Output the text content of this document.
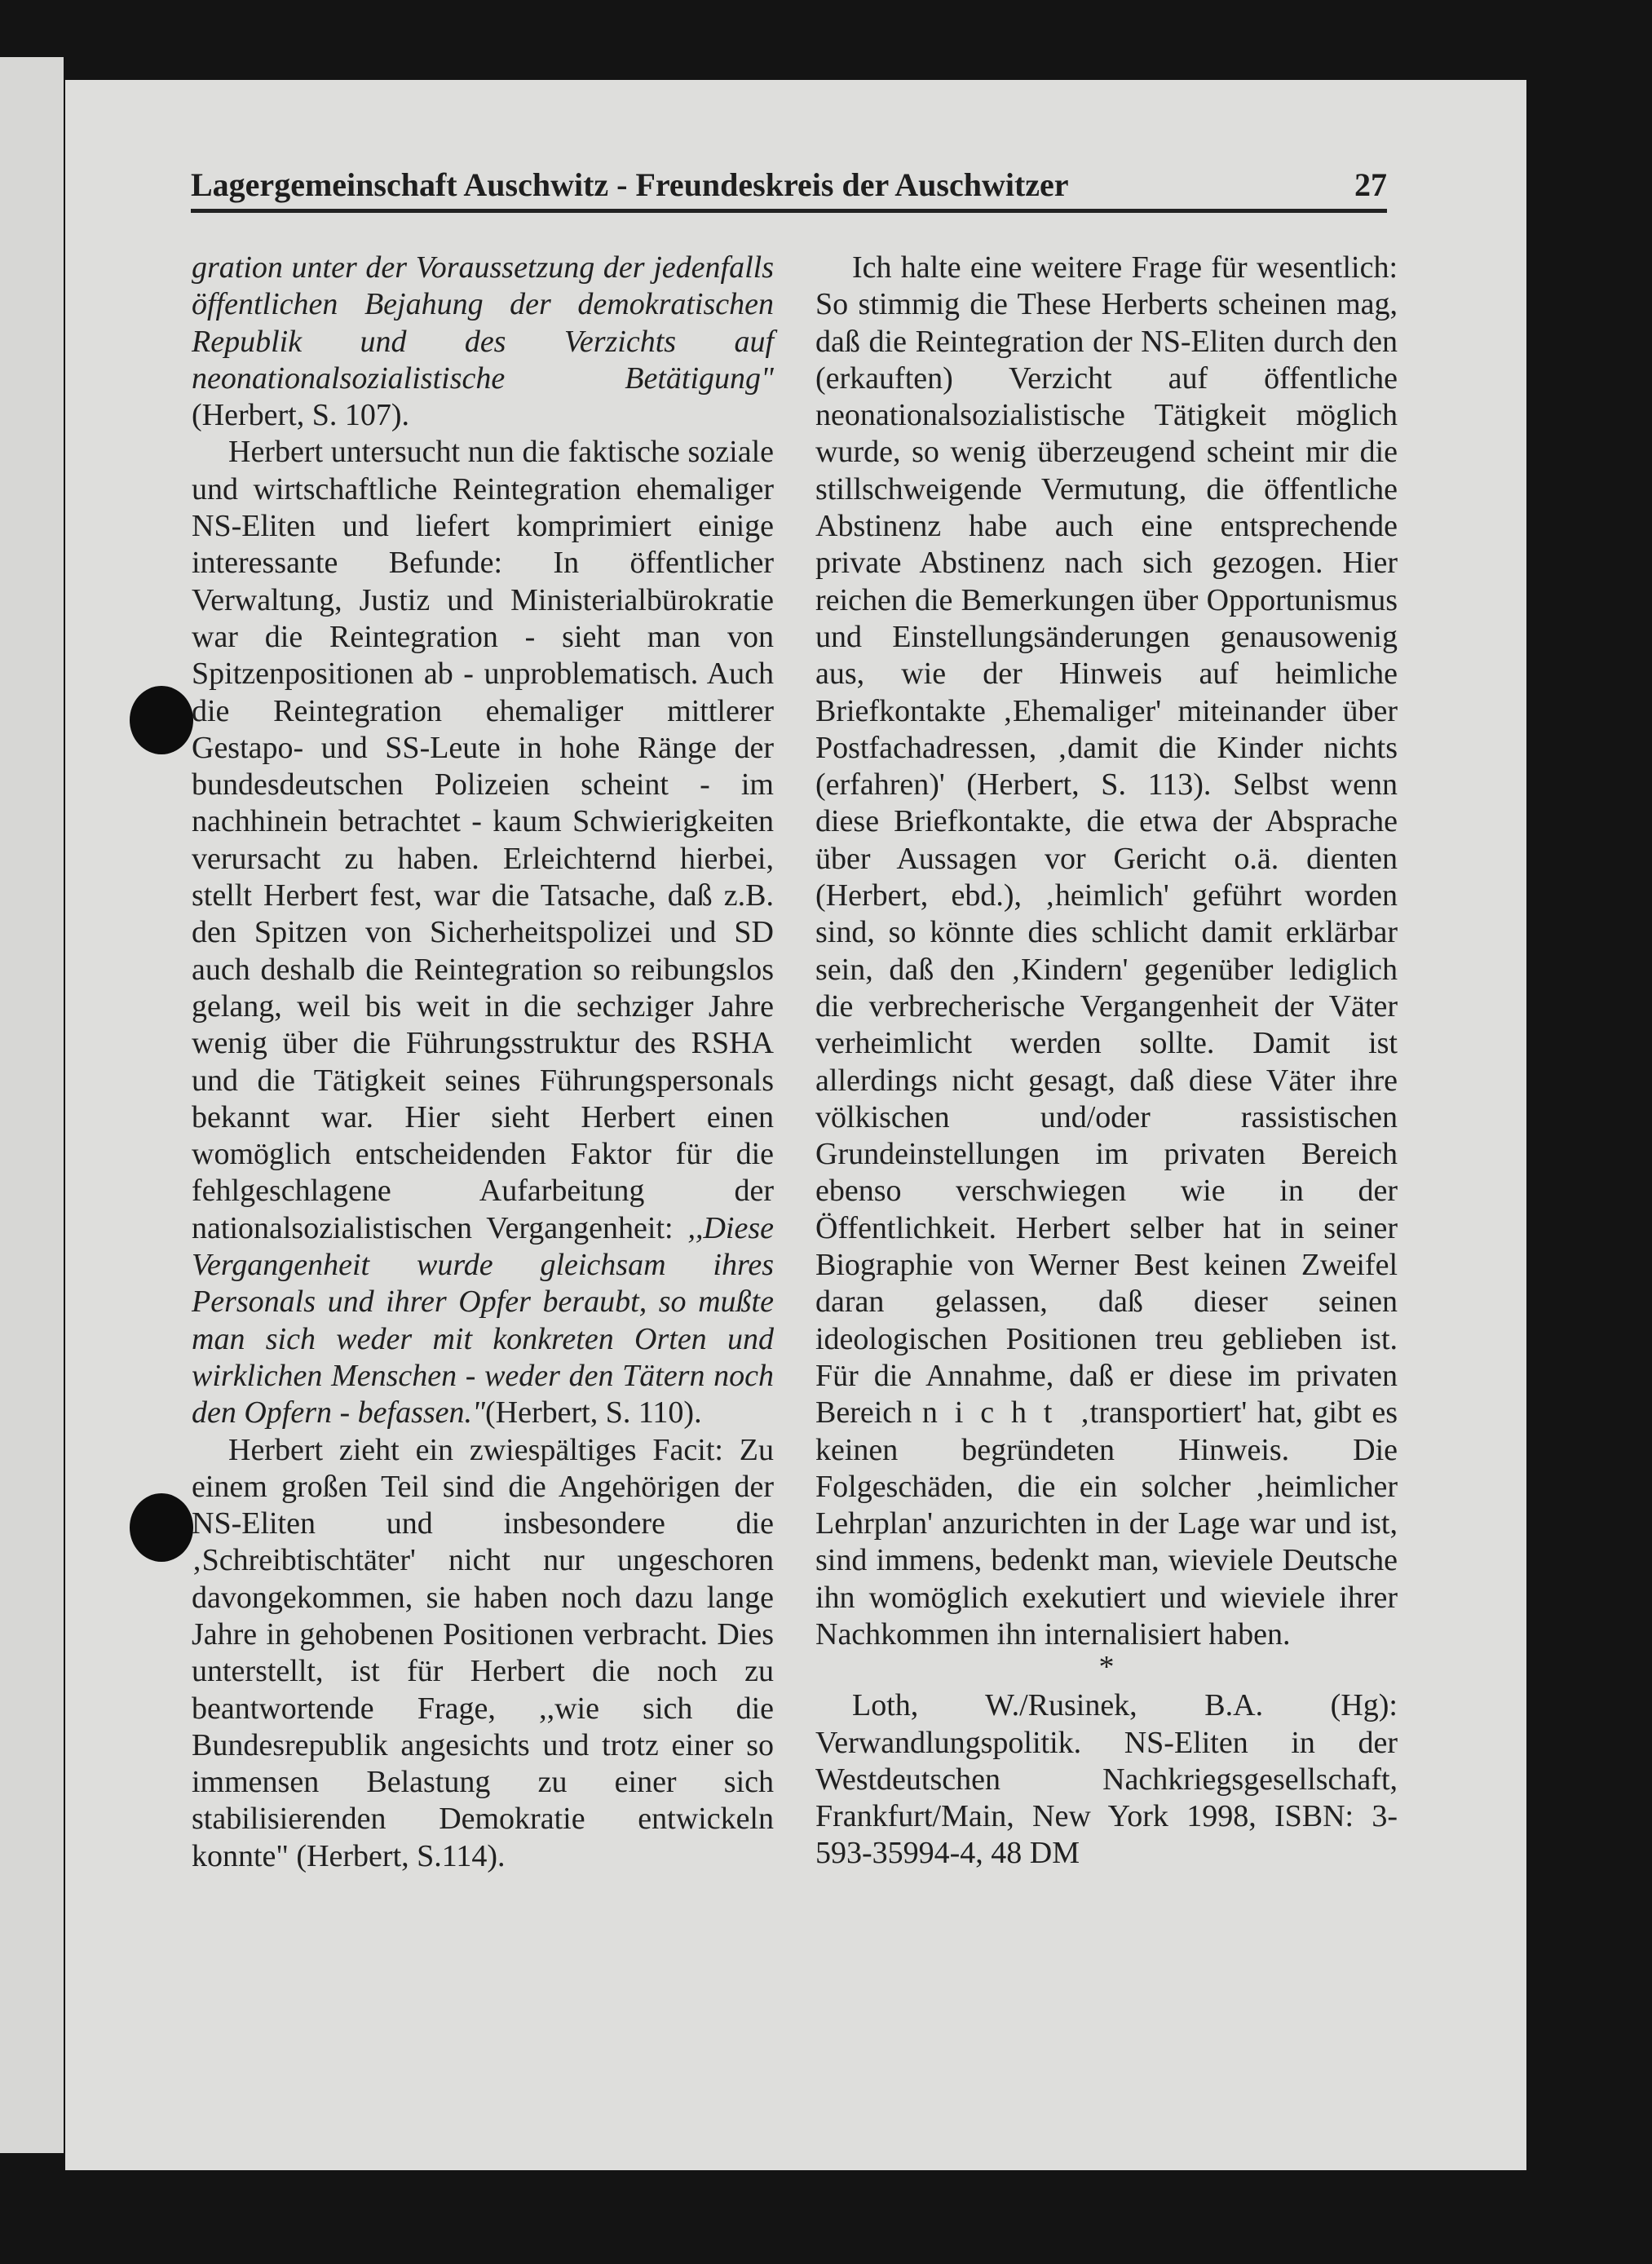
Lagergemeinschaft Auschwitz - Freundeskreis der Auschwitzer	27

gration unter der Voraussetzung der jedenfalls öffentlichen Bejahung der demokratischen Republik und des Verzichts auf neonationalsozialistische Betätigung" (Herbert, S. 107).

Herbert untersucht nun die faktische soziale und wirtschaftliche Reintegration ehemaliger NS-Eliten und liefert komprimiert einige interessante Befunde: In öffentlicher Verwaltung, Justiz und Ministerialbürokratie war die Reintegration - sieht man von Spitzenpositionen ab - unproblematisch. Auch die Reintegration ehemaliger mittlerer Gestapo- und SS-Leute in hohe Ränge der bundesdeutschen Polizeien scheint - im nachhinein betrachtet - kaum Schwierigkeiten verursacht zu haben. Erleichternd hierbei, stellt Herbert fest, war die Tatsache, daß z.B. den Spitzen von Sicherheitspolizei und SD auch deshalb die Reintegration so reibungslos gelang, weil bis weit in die sechziger Jahre wenig über die Führungsstruktur des RSHA und die Tätigkeit seines Führungspersonals bekannt war. Hier sieht Herbert einen womöglich entscheidenden Faktor für die fehlgeschlagene Aufarbeitung der nationalsozialistischen Vergangenheit: ,,Diese Vergangenheit wurde gleichsam ihres Personals und ihrer Opfer beraubt, so mußte man sich weder mit konkreten Orten und wirklichen Menschen - weder den Tätern noch den Opfern - befassen."(Herbert, S. 110).

Herbert zieht ein zwiespältiges Facit: Zu einem großen Teil sind die Angehörigen der NS-Eliten und insbesondere die ‚Schreibtischtäter' nicht nur ungeschoren davongekommen, sie haben noch dazu lange Jahre in gehobenen Positionen verbracht. Dies unterstellt, ist für Herbert die noch zu beantwortende Frage, ,,wie sich die Bundesrepublik angesichts und trotz einer so immensen Belastung zu einer sich stabilisierenden Demokratie entwickeln konnte" (Herbert, S.114).

Ich halte eine weitere Frage für wesentlich: So stimmig die These Herberts scheinen mag, daß die Reintegration der NS-Eliten durch den (erkauften) Verzicht auf öffentliche neonationalsozialistische Tätigkeit möglich wurde, so wenig überzeugend scheint mir die stillschweigende Vermutung, die öffentliche Abstinenz habe auch eine entsprechende private Abstinenz nach sich gezogen. Hier reichen die Bemerkungen über Opportunismus und Einstellungsänderungen genausowenig aus, wie der Hinweis auf heimliche Briefkontakte ‚Ehemaliger' miteinander über Postfachadressen, ‚damit die Kinder nichts (erfahren)' (Herbert, S. 113). Selbst wenn diese Briefkontakte, die etwa der Absprache über Aussagen vor Gericht o.ä. dienten (Herbert, ebd.), ‚heimlich' geführt worden sind, so könnte dies schlicht damit erklärbar sein, daß den ‚Kindern' gegenüber lediglich die verbrecherische Vergangenheit der Väter verheimlicht werden sollte. Damit ist allerdings nicht gesagt, daß diese Väter ihre völkischen und/oder rassistischen Grundeinstellungen im privaten Bereich ebenso verschwiegen wie in der Öffentlichkeit. Herbert selber hat in seiner Biographie von Werner Best keinen Zweifel daran gelassen, daß dieser seinen ideologischen Positionen treu geblieben ist. Für die Annahme, daß er diese im privaten Bereich nicht ‚transportiert' hat, gibt es keinen begründeten Hinweis. Die Folgeschäden, die ein solcher ‚heimlicher Lehrplan' anzurichten in der Lage war und ist, sind immens, bedenkt man, wieviele Deutsche ihn womöglich exekutiert und wieviele ihrer Nachkommen ihn internalisiert haben.

*

Loth, W./Rusinek, B.A. (Hg): Verwandlungspolitik. NS-Eliten in der Westdeutschen Nachkriegsgesellschaft, Frankfurt/Main, New York 1998, ISBN: 3-593-35994-4, 48 DM
